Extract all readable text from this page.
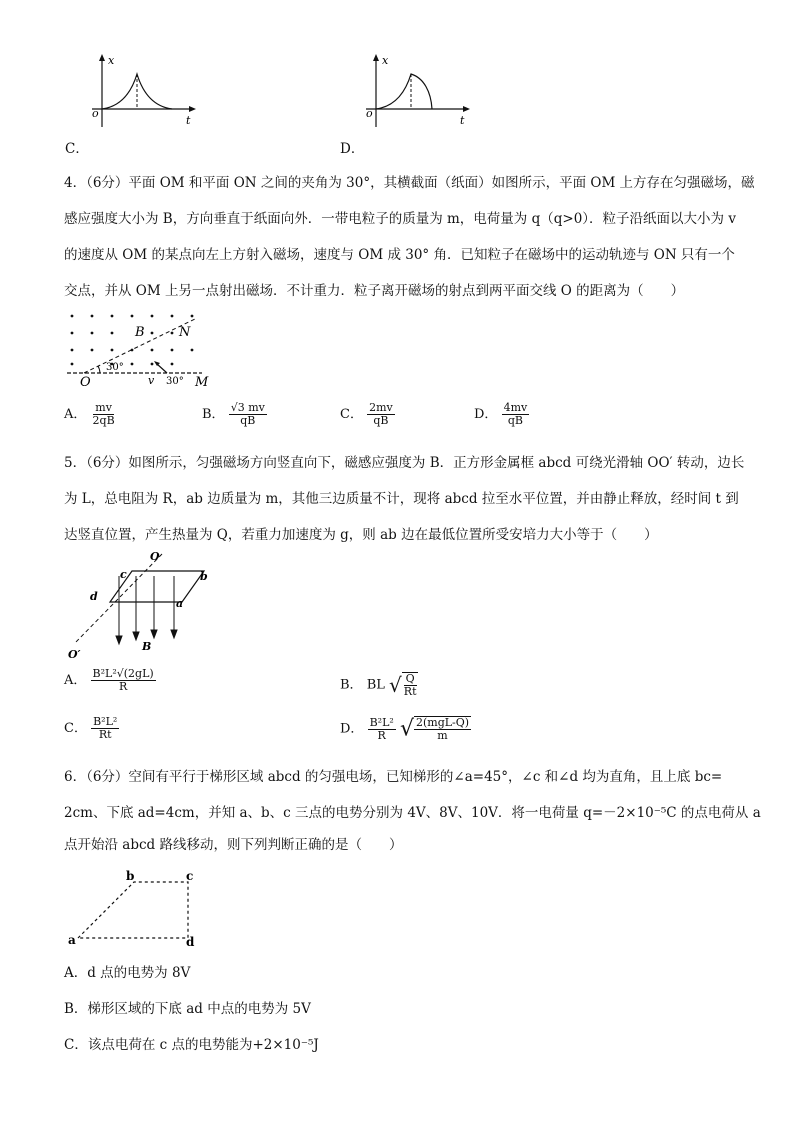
x
o
t
C．
x
o
t
D．
4．（6分）平面 OM 和平面 ON 之间的夹角为 30°，其横截面（纸面）如图所示，平面 OM 上方存在匀强磁场，磁
感应强度大小为 B，方向垂直于纸面向外．一带电粒子的质量为 m，电荷量为 q（q>0）．粒子沿纸面以大小为 v
的速度从 OM 的某点向左上方射入磁场，速度与 OM 成 30° 角．已知粒子在磁场中的运动轨迹与 ON 只有一个
交点，并从 OM 上另一点射出磁场．不计重力．粒子离开磁场的射点到两平面交线 O 的距离为（　　）
B	N
O	M
v
30°
30°
A． $\frac{mv}{2qB}$	B． $\frac{√3 mv}{qB}$	C． $\frac{2mv}{qB}$	D． $\frac{4mv}{qB}$
5．（6分）如图所示，匀强磁场方向竖直向下，磁感应强度为 B．正方形金属框 abcd 可绕光滑轴 OO′ 转动，边长
为 L，总电阻为 R，ab 边质量为 m，其他三边质量不计，现将 abcd 拉至水平位置，并由静止释放，经时间 t 到
达竖直位置，产生热量为 Q，若重力加速度为 g，则 ab 边在最低位置所受安培力大小等于（　　）
O
O′
a
b
c
d
B
A． $\frac{\text{B²L²√(2gL)}}{R}$	B． BL √ $\frac{Q}{Rt}$
C． $\frac{\text{B²L²}}{Rt}$	D． $\frac{\text{B²L²}}{R}$ √ $\frac{\text{2(mgL-Q)}}{m}$
6．（6分）空间有平行于梯形区域 abcd 的匀强电场，已知梯形的∠a=45°，∠c 和∠d 均为直角，且上底 bc=
2cm、下底 ad=4cm，并知 a、b、c 三点的电势分别为 4V、8V、10V．将一电荷量 q=－2×10⁻⁵C 的点电荷从 a
点开始沿 abcd 路线移动，则下列判断正确的是（　　）
a
b	c
d
A．d 点的电势为 8V
B．梯形区域的下底 ad 中点的电势为 5V
C．该点电荷在 c 点的电势能为+2×10⁻⁵J
